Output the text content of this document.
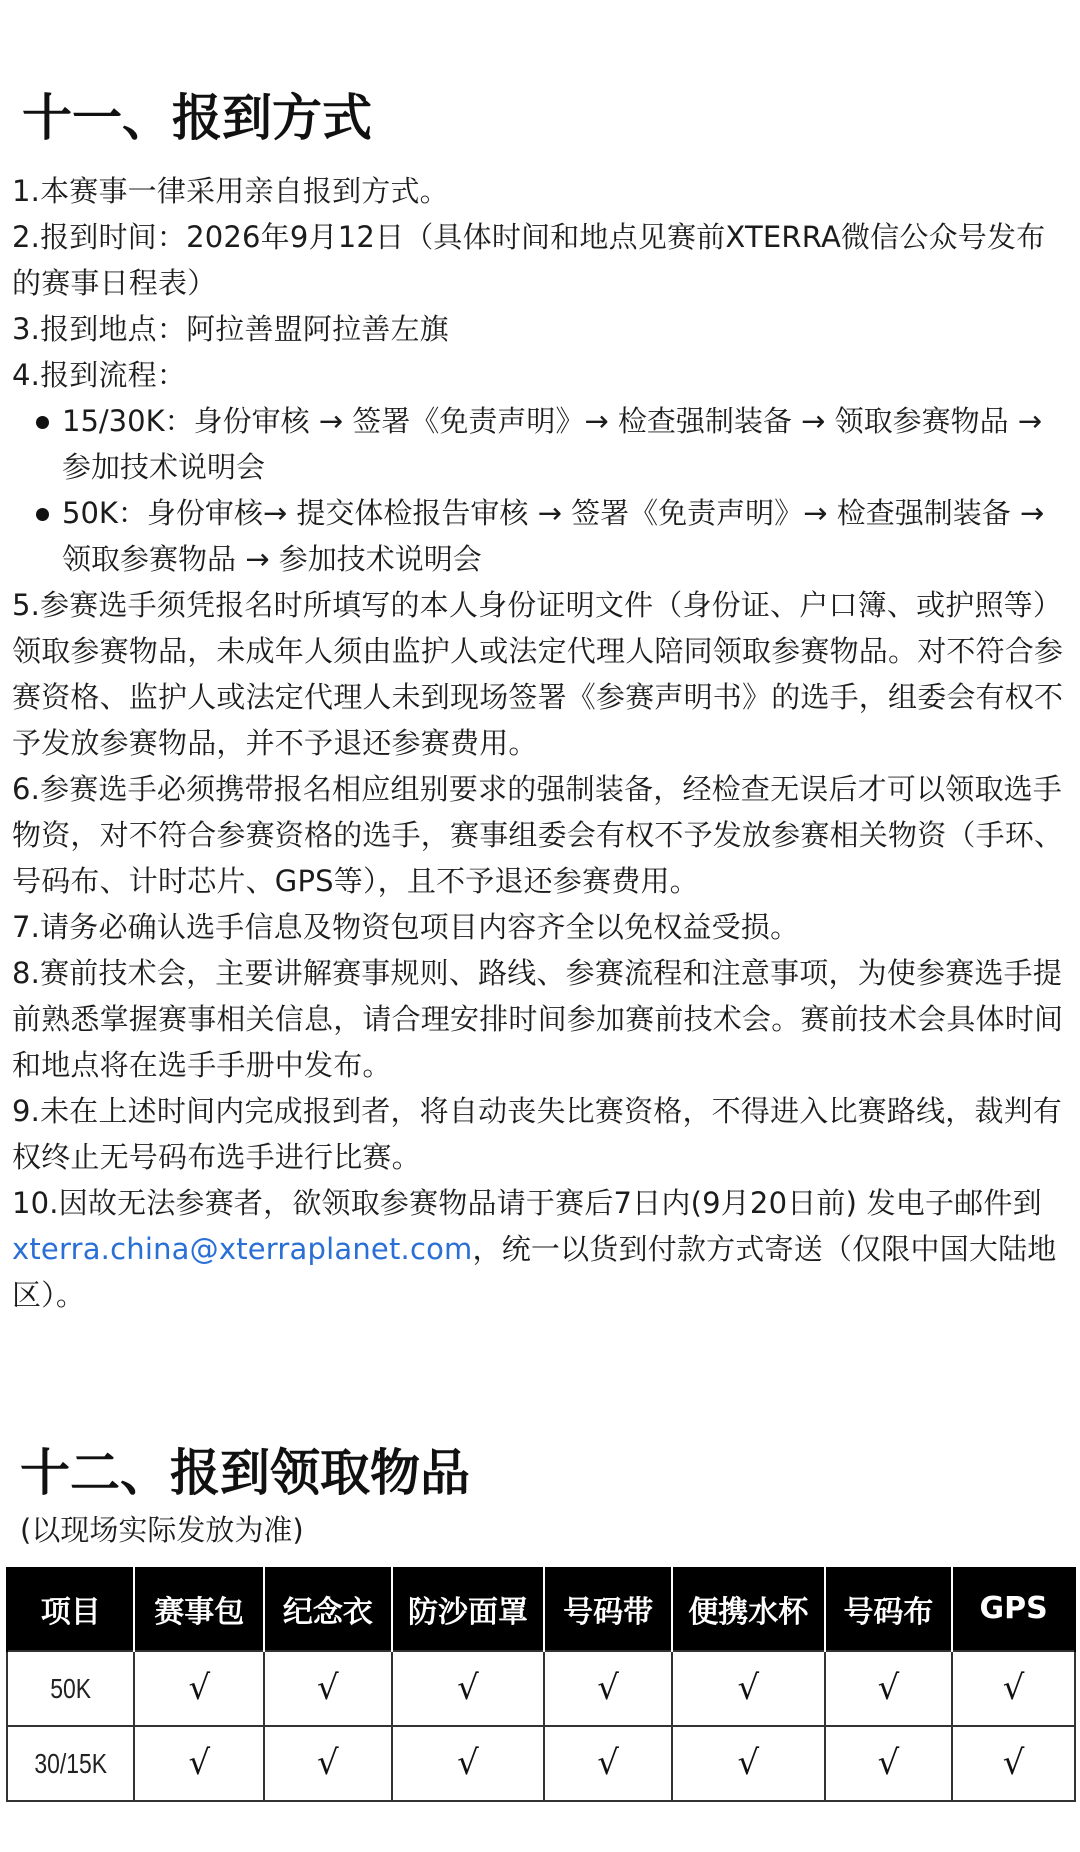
十一、报到方式

1.本赛事一律采用亲自报到方式。

2.报到时间：2026年9月12日（具体时间和地点见赛前XTERRA微信公众号发布的赛事日程表）

3.报到地点：阿拉善盟阿拉善左旗

4.报到流程：

15/30K：身份审核 → 签署《免责声明》→ 检查强制装备 → 领取参赛物品 → 参加技术说明会
50K：身份审核→ 提交体检报告审核 → 签署《免责声明》→ 检查强制装备 → 领取参赛物品 → 参加技术说明会

5.参赛选手须凭报名时所填写的本人身份证明文件（身份证、户口簿、或护照等）领取参赛物品，未成年人须由监护人或法定代理人陪同领取参赛物品。对不符合参赛资格、监护人或法定代理人未到现场签署《参赛声明书》的选手，组委会有权不予发放参赛物品，并不予退还参赛费用。

6.参赛选手必须携带报名相应组别要求的强制装备，经检查无误后才可以领取选手物资，对不符合参赛资格的选手，赛事组委会有权不予发放参赛相关物资（手环、号码布、计时芯片、GPS等），且不予退还参赛费用。

7.请务必确认选手信息及物资包项目内容齐全以免权益受损。

8.赛前技术会，主要讲解赛事规则、路线、参赛流程和注意事项，为使参赛选手提前熟悉掌握赛事相关信息，请合理安排时间参加赛前技术会。赛前技术会具体时间和地点将在选手手册中发布。

9.未在上述时间内完成报到者，将自动丧失比赛资格，不得进入比赛路线，裁判有权终止无号码布选手进行比赛。

10.因故无法参赛者，欲领取参赛物品请于赛后7日内(9月20日前) 发电子邮件到xterra.china@xterraplanet.com，统一以货到付款方式寄送（仅限中国大陆地区）。

十二、报到领取物品
(以现场实际发放为准)
项目	赛事包	纪念衣	防沙面罩	号码带	便携水杯	号码布	GPS
50K	√	√	√	√	√	√	√
30/15K	√	√	√	√	√	√	√
